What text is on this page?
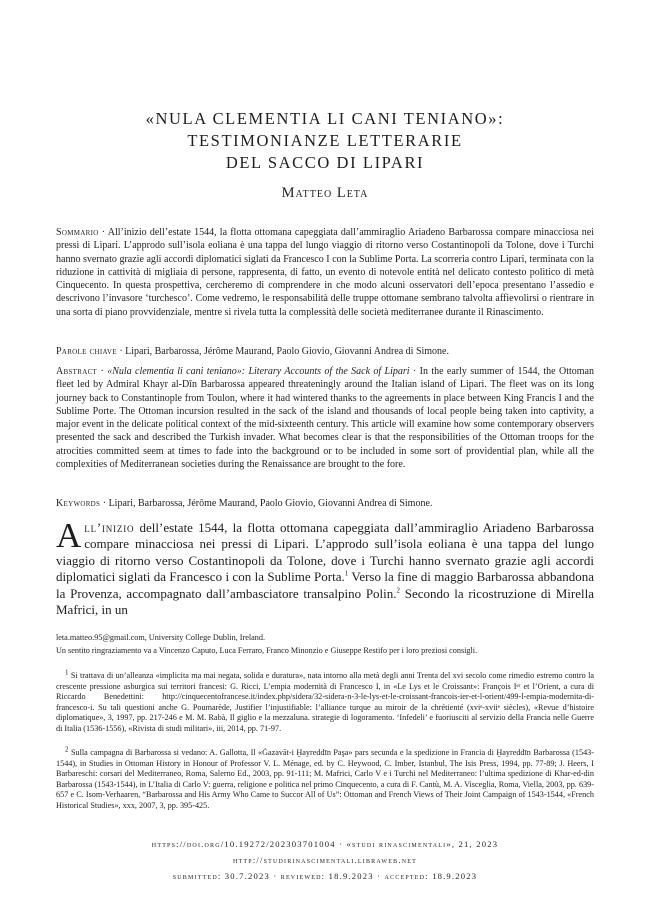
«NULA CLEMENTIA LI CANI TENIANO»:
TESTIMONIANZE LETTERARIE
DEL SACCO DI LIPARI
Matteo Leta

Sommario · All’inizio dell’estate 1544, la flotta ottomana capeggiata dall’ammiraglio Ariadeno Barbarossa compare minacciosa nei pressi di Lipari. L’approdo sull’isola eoliana è una tappa del lungo viaggio di ritorno verso Costantinopoli da Tolone, dove i Turchi hanno svernato grazie agli accordi diplomatici siglati da Francesco I con la Sublime Porta. La scorreria contro Lipari, terminata con la riduzione in cattività di migliaia di persone, rappresenta, di fatto, un evento di notevole entità nel delicato contesto politico di metà Cinquecento. In questa prospettiva, cercheremo di comprendere in che modo alcuni osservatori dell’epoca presentano l’assedio e descrivono l’invasore ‘turchesco’. Come vedremo, le responsabilità delle truppe ottomane sembrano talvolta affievolirsi o rientrare in una sorta di piano provvidenziale, mentre si rivela tutta la complessità delle società mediterranee durante il Rinascimento.

Parole chiave · Lipari, Barbarossa, Jérôme Maurand, Paolo Giovio, Giovanni Andrea di Simone.

Abstract · «Nula clementia li cani teniano»: Literary Accounts of the Sack of Lipari · In the early summer of 1544, the Ottoman fleet led by Admiral Khayr al-Dīn Barbarossa appeared threateningly around the Italian island of Lipari. The fleet was on its long journey back to Constantinople from Toulon, where it had wintered thanks to the agreements in place between King Francis I and the Sublime Porte. The Ottoman incursion resulted in the sack of the island and thousands of local people being taken into captivity, a major event in the delicate political context of the mid-sixteenth century. This article will examine how some contemporary observers presented the sack and described the Turkish invader. What becomes clear is that the responsibilities of the Ottoman troops for the atrocities committed seem at times to fade into the background or to be included in some sort of providential plan, while all the complexities of Mediterranean societies during the Renaissance are brought to the fore.

Keywords · Lipari, Barbarossa, Jérôme Maurand, Paolo Giovio, Giovanni Andrea di Simone.

All’inizio dell’estate 1544, la flotta ottomana capeggiata dall’ammiraglio Ariadeno Barbarossa compare minacciosa nei pressi di Lipari. L’approdo sull’isola eoliana è una tappa del lungo viaggio di ritorno verso Costantinopoli da Tolone, dove i Turchi hanno svernato grazie agli accordi diplomatici siglati da Francesco i con la Sublime Porta.$^1$ Verso la fine di maggio Barbarossa abbandona la Provenza, accompagnato dall’ambasciatore transalpino Polin.$^2$ Secondo la ricostruzione di Mirella Mafrici, in un

leta.matteo.95@gmail.com, University College Dublin, Ireland.

Un sentito ringraziamento va a Vincenzo Caputo, Luca Ferraro, Franco Minonzio e Giuseppe Restifo per i loro preziosi consigli.

$^1$ Si trattava di un’alleanza «implicita ma mai negata, solida e duratura», nata intorno alla metà degli anni Trenta del xvi secolo come rimedio estremo contro la crescente pressione asburgica sui territori francesi: G. Ricci, L’empia modernità di Francesco I, in «Le Lys et le Croissant»: François Iᵉʳ et l’Orient, a cura di Riccardo Benedettini: http://cinquecentofrancese.it/index.php/sidera/32-sidera-n-3-le-lys-et-le-croissant-francois-ier-et-l-orient/499-l-empia-modernita-di-francesco-i. Su tali questioni anche G. Poumarède, Justifier l’injustifiable: l’alliance turque au miroir de la chrétienté (xviᵉ-xviiᵉ siècles), «Revue d’histoire diplomatique», 3, 1997, pp. 217-246 e M. M. Rabà, Il giglio e la mezzaluna. strategie di logoramento. ‘Infedeli’ e fuoriusciti al servizio della Francia nelle Guerre di Italia (1536-1556), «Rivista di studi militari», iii, 2014, pp. 71-97.

$^2$ Sulla campagna di Barbarossa si vedano: A. Gallotta, Il «Ġazavāt-i Ḫayreddīn Paşa» pars secunda e la spedizione in Francia di Ḫayreddīn Barbarossa (1543-1544), in Studies in Ottoman History in Honour of Professor V. L. Ménage, ed. by C. Heywood, C. Imber, Istanbul, The Isis Press, 1994, pp. 77-89; J. Heers, I Barbareschi: corsari del Mediterraneo, Roma, Salerno Ed., 2003, pp. 91-111; M. Mafrici, Carlo V e i Turchi nel Mediterraneo: l’ultima spedizione di Khar-ed-din Barbarossa (1543-1544), in L’Italia di Carlo V: guerra, religione e politica nel primo Cinquecento, a cura di F. Cantù, M. A. Visceglia, Roma, Viella, 2003, pp. 639-657 e C. Isom-Verhaaren, “Barbarossa and His Army Who Came to Succor All of Us”: Ottoman and French Views of Their Joint Campaign of 1543-1544, «French Historical Studies», xxx, 2007, 3, pp. 395-425.

https://doi.org/10.19272/202303701004 · «studi rinascimentali», 21, 2023

http://studirinascimentali.libraweb.net

submitted: 30.7.2023 · reviewed: 18.9.2023 · accepted: 18.9.2023
